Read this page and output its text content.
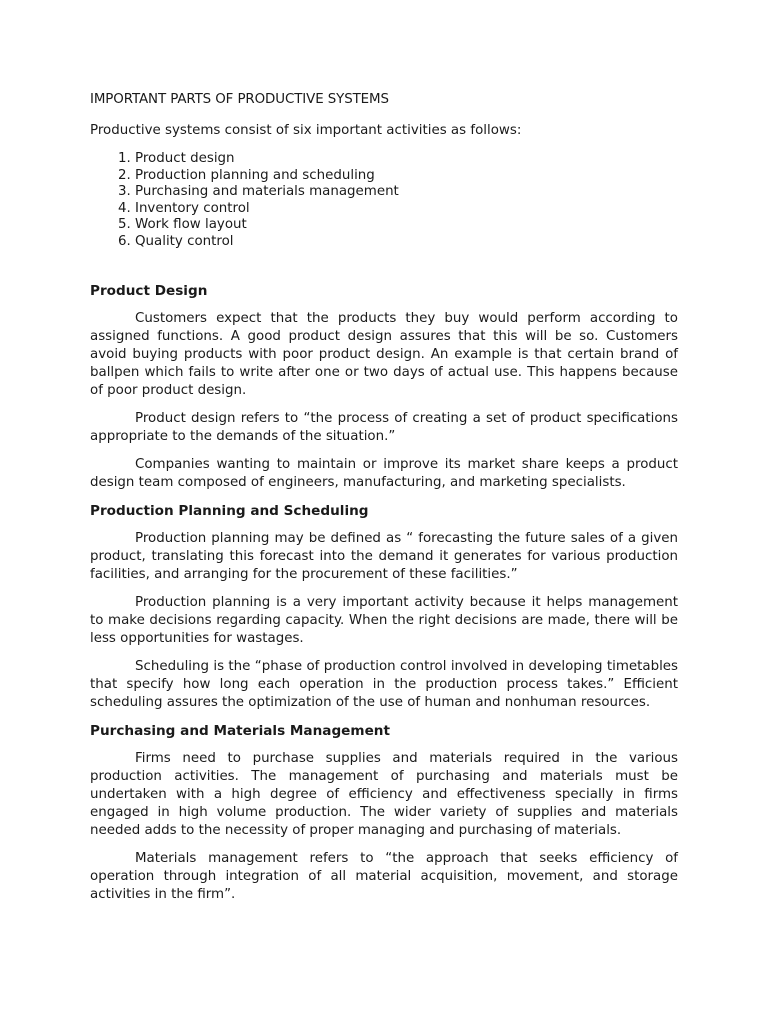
IMPORTANT PARTS OF PRODUCTIVE SYSTEMS

Productive systems consist of six important activities as follows:

1. Product design
2. Production planning and scheduling
3. Purchasing and materials management
4. Inventory control
5. Work flow layout
6. Quality control
Product Design

Customers expect that the products they buy would perform according to assigned functions. A good product design assures that this will be so. Customers avoid buying products with poor product design. An example is that certain brand of ballpen which fails to write after one or two days of actual use. This happens because of poor product design.

Product design refers to “the process of creating a set of product specifications appropriate to the demands of the situation.”

Companies wanting to maintain or improve its market share keeps a product design team composed of engineers, manufacturing, and marketing specialists.

Production Planning and Scheduling

Production planning may be defined as “ forecasting the future sales of a given product, translating this forecast into the demand it generates for various production facilities, and arranging for the procurement of these facilities.”

Production planning is a very important activity because it helps management to make decisions regarding capacity. When the right decisions are made, there will be less opportunities for wastages.

Scheduling is the “phase of production control involved in developing timetables that specify how long each operation in the production process takes.” Efficient scheduling assures the optimization of the use of human and nonhuman resources.

Purchasing and Materials Management

Firms need to purchase supplies and materials required in the various production activities. The management of purchasing and materials must be undertaken with a high degree of efficiency and effectiveness specially in firms engaged in high volume production. The wider variety of supplies and materials needed adds to the necessity of proper managing and purchasing of materials.

Materials management refers to “the approach that seeks efficiency of operation through integration of all material acquisition, movement, and storage activities in the firm”.
